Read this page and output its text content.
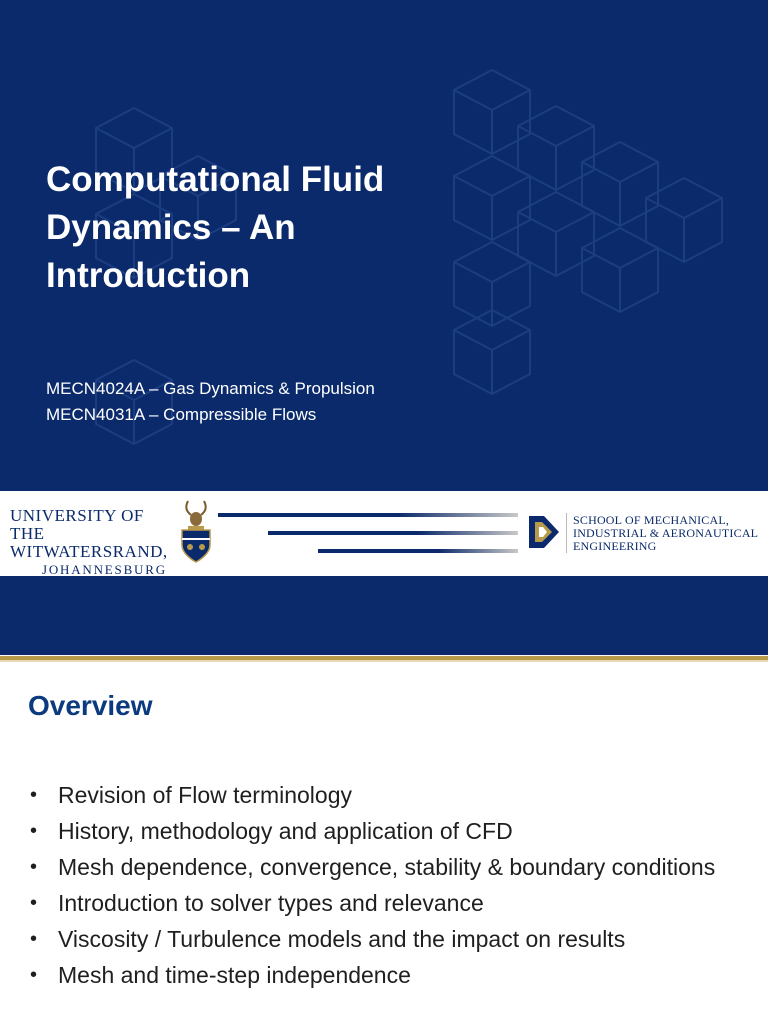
Computational Fluid
Dynamics – An
Introduction
MECN4024A – Gas Dynamics & Propulsion
MECN4031A – Compressible Flows
UNIVERSITY OF THE
WITWATERSRAND,
JOHANNESBURG
SCHOOL OF MECHANICAL,
INDUSTRIAL & AERONAUTICAL
ENGINEERING
Overview
• Revision of Flow terminology
• History, methodology and application of CFD
• Mesh dependence, convergence, stability & boundary conditions
• Introduction to solver types and relevance
• Viscosity / Turbulence models and the impact on results
• Mesh and time-step independence
